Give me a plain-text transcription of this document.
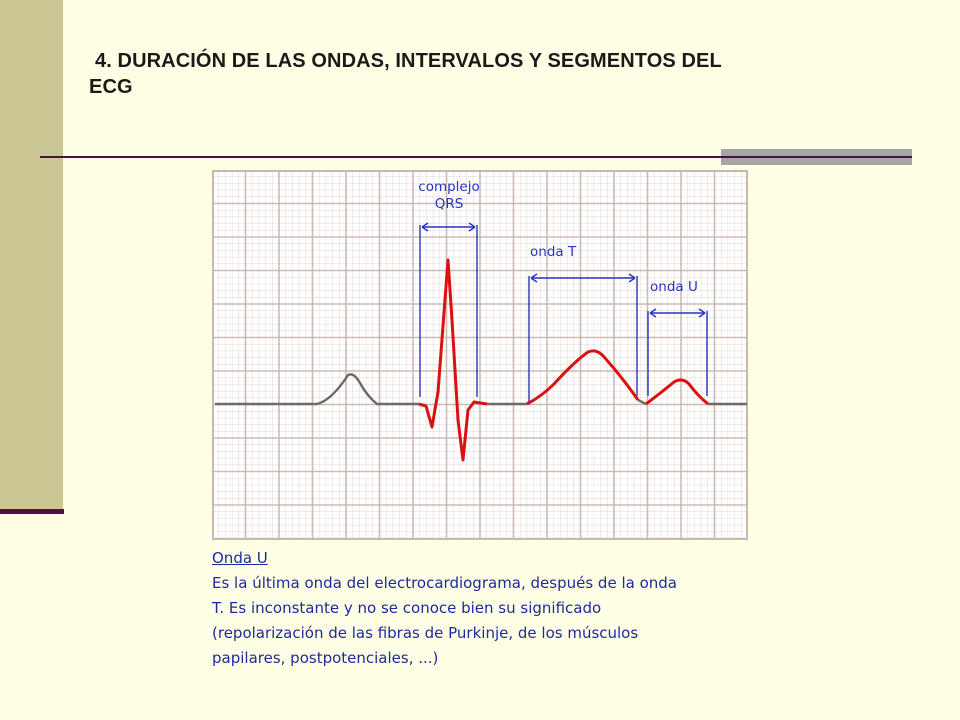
4. DURACIÓN DE LAS ONDAS, INTERVALOS Y SEGMENTOS DEL
ECG
complejo
QRS
onda T
onda U
Onda U
Es la última onda del electrocardiograma, después de la onda
T. Es inconstante y no se conoce bien su significado
(repolarización de las fibras de Purkinje, de los músculos
papilares, postpotenciales, ...)
